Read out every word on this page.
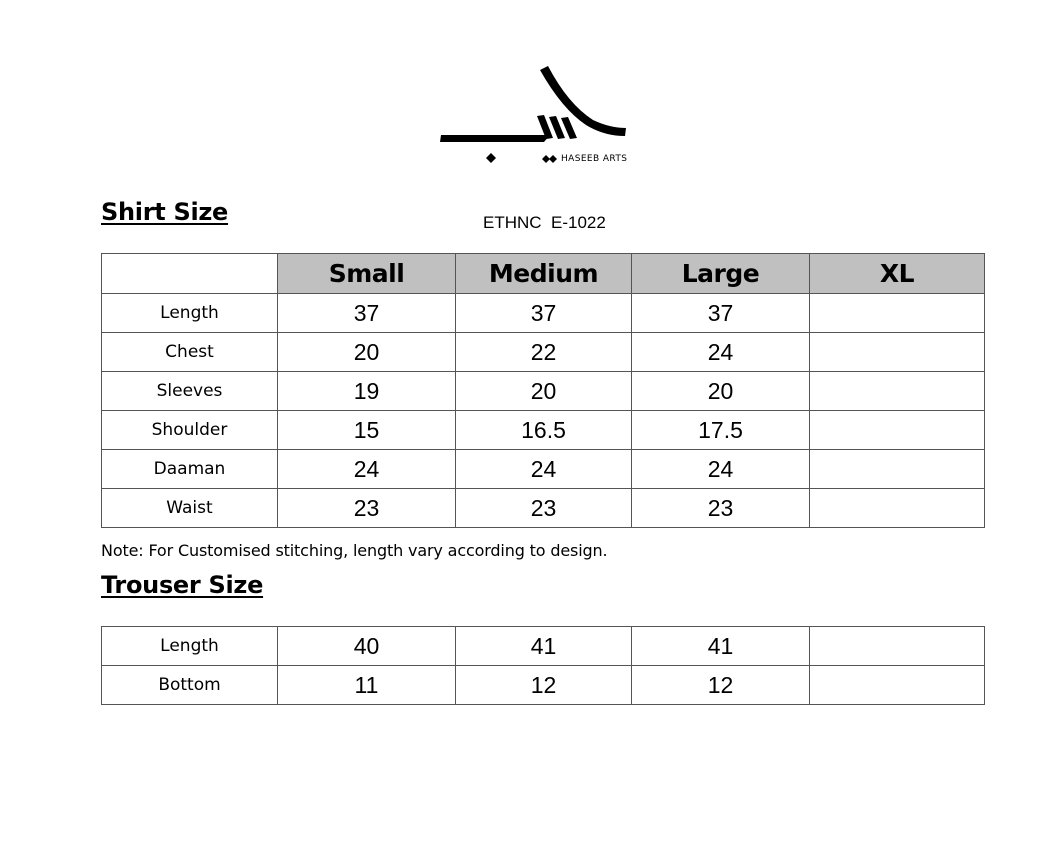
HASEEB ARTS
Shirt Size	ETHNC  E-1022
	Small	Medium	Large	XL
Length	37	37	37	
Chest	20	22	24	
Sleeves	19	20	20	
Shoulder	15	16.5	17.5	
Daaman	24	24	24	
Waist	23	23	23	
Note: For Customised stitching, length vary according to design.
Trouser Size
Length	40	41	41	
Bottom	11	12	12	
